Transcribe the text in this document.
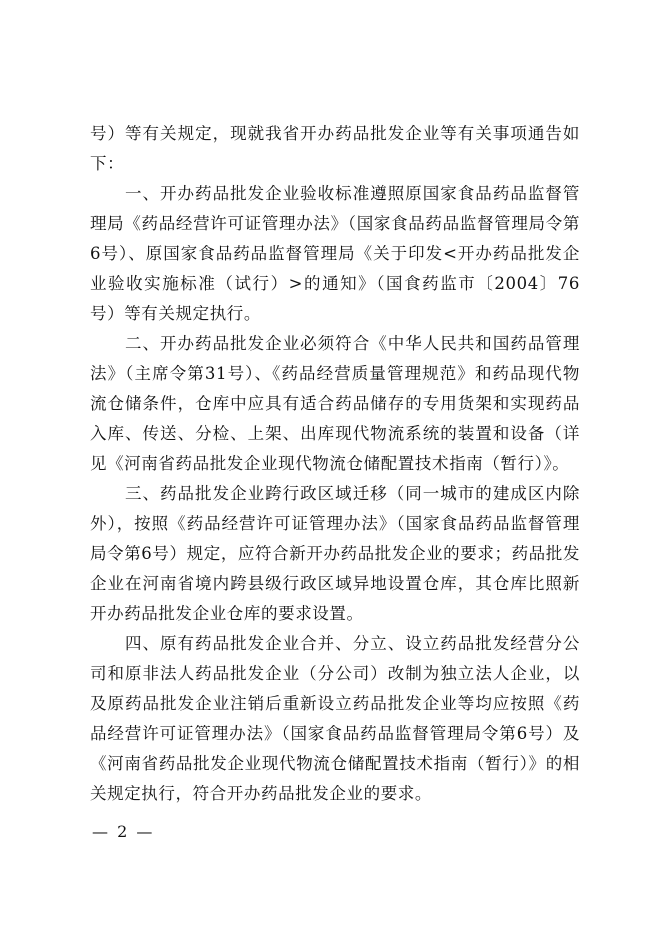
号）等有关规定，现就我省开办药品批发企业等有关事项通告如下：

一、开办药品批发企业验收标准遵照原国家食品药品监督管理局《药品经营许可证管理办法》（国家食品药品监督管理局令第6号）、原国家食品药品监督管理局《关于印发<开办药品批发企业验收实施标准（试行）>的通知》（国食药监市〔2004〕76号）等有关规定执行。

二、开办药品批发企业必须符合《中华人民共和国药品管理法》（主席令第31号）、《药品经营质量管理规范》和药品现代物流仓储条件，仓库中应具有适合药品储存的专用货架和实现药品入库、传送、分检、上架、出库现代物流系统的装置和设备（详见《河南省药品批发企业现代物流仓储配置技术指南（暂行）》。

三、药品批发企业跨行政区域迁移（同一城市的建成区内除外），按照《药品经营许可证管理办法》（国家食品药品监督管理局令第6号）规定，应符合新开办药品批发企业的要求；药品批发企业在河南省境内跨县级行政区域异地设置仓库，其仓库比照新开办药品批发企业仓库的要求设置。

四、原有药品批发企业合并、分立、设立药品批发经营分公司和原非法人药品批发企业（分公司）改制为独立法人企业，以及原药品批发企业注销后重新设立药品批发企业等均应按照《药品经营许可证管理办法》（国家食品药品监督管理局令第6号）及《河南省药品批发企业现代物流仓储配置技术指南（暂行）》的相关规定执行，符合开办药品批发企业的要求。

— 2 —
